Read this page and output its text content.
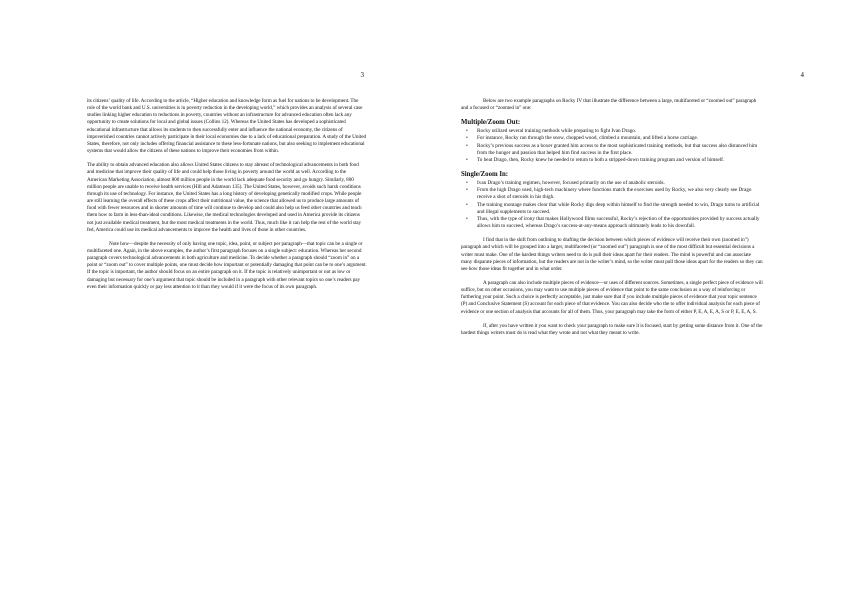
3

its citizens’ quality of life. According to the article, “Higher education and knowledge form as fuel for nations to be development. The role of the world bank and U.S. universities is in poverty reduction in the developing world,” which provides an analysis of several case studies linking higher education to reductions in poverty, countries without an infrastructure for advanced education often lack any opportunity to create solutions for local and global issues (Collins 12). Whereas the United States has developed a sophisticated educational infrastructure that allows its students to then successfully enter and influence the national economy, the citizens of impoverished countries cannot actively participate in their local economies due to a lack of educational preparation. A study of the United States, therefore, not only includes offering financial assistance to these less-fortunate nations, but also seeking to implement educational systems that would allow the citizens of these nations to improve their economies from within.

The ability to obtain advanced education also allows United States citizens to stay abreast of technological advancements in both food and medicine that improve their quality of life and could help those living in poverty around the world as well. According to the American Marketing Association, almost 800 million people in the world lack adequate food security and go hungry. Similarly, 800 million people are unable to receive health services (Hill and Adamson 135). The United States, however, avoids such harsh conditions through its use of technology. For instance, the United States has a long history of developing genetically modified crops. While people are still learning the overall effects of these crops affect their nutritional value, the science that allowed us to produce large amounts of food with fewer resources and in shorter amounts of time will continue to develop and could also help us feed other countries and teach them how to farm in less-than-ideal conditions. Likewise, the medical technologies developed and used in America provide its citizens not just available medical treatment, but the most medical treatments in the world. Thus, much like it can help the rest of the world stay fed, America could use its medical advancements to improve the health and lives of those in other countries.

Note how—despite the necessity of only having one topic, idea, point, or subject per paragraph—that topic can be a single or multifaceted one. Again, in the above examples, the author’s first paragraph focuses on a single subject: education. Whereas her second paragraph covers technological advancements in both agriculture and medicine. To decide whether a paragraph should “zoom in” on a point or “zoom out” to cover multiple points, one must decide how important or potentially damaging that point can be to one’s argument. If the topic is important, the author should focus on an entire paragraph on it. If the topic is relatively unimportant or not as low or damaging but necessary for one’s argument that topic should be included in a paragraph with other relevant topics so one’s readers pay even their information quickly or pay less attention to it than they would if it were the focus of its own paragraph.

4

Below are two example paragraphs on Rocky IV that illustrate the difference between a large, multifaceted or “zoomed out” paragraph and a focused or “zoomed in” one:

Multiple/Zoom Out:
• Rocky utilized several training methods while preparing to fight Ivan Drago.
• For instance, Rocky ran through the snow, chopped wood, climbed a mountain, and lifted a horse carriage.
• Rocky’s previous success as a boxer granted him access to the most sophisticated training methods, but that success also distanced him from the hunger and passion that helped him find success in the first place.
• To beat Drago, then, Rocky knew he needed to return to both a stripped-down training program and version of himself.
Single/Zoom In:
• Ivan Drago’s training regimen, however, focused primarily on the use of anabolic steroids.
• From the high Drago used, high-tech machinery where functions match the exercises used by Rocky, we also very clearly see Drago receive a shot of steroids in his thigh.
• The training montage makes clear that while Rocky digs deep within himself to find the strength needed to win, Drago turns to artificial and illegal supplements to succeed.
• Thus, with the type of irony that makes Hollywood films successful, Rocky’s rejection of the opportunities provided by success actually allows him to succeed, whereas Drago’s success-at-any-means approach ultimately leads to his downfall.

I find that in the shift from outlining to drafting the decision between which pieces of evidence will receive their own (zoomed in”) paragraph and which will be grouped into a larger, multifaceted (or “zoomed out”) paragraph is one of the most difficult but essential decisions a writer must make. One of the hardest things writers need to do is pull their ideas apart for their readers. The mind is powerful and can associate many disparate pieces of information, but the readers are not in the writer’s mind, so the writer must pull those ideas apart for the readers so they can see how those ideas fit together and in what order.

A paragraph can also include multiple pieces of evidence—or uses of different sources. Sometimes, a single perfect piece of evidence will suffice, but on other occasions, you may want to use multiple pieces of evidence that point to the same conclusion as a way of reinforcing or furthering your point. Such a choice is perfectly acceptable, just make sure that if you include multiple pieces of evidence that your topic sentence (P) and Conclusive Statement (S) account for each piece of that evidence. You can also decide who the to offer individual analysis for each piece of evidence or one section of analysis that accounts for all of them. Thus, your paragraph may take the form of either P, E, A, E, A, S or P, E, E, A, S.

If, after you have written it you want to check your paragraph to make sure it is focused, start by getting some distance from it. One of the hardest things writers must do is read what they wrote and not what they meant to write.
